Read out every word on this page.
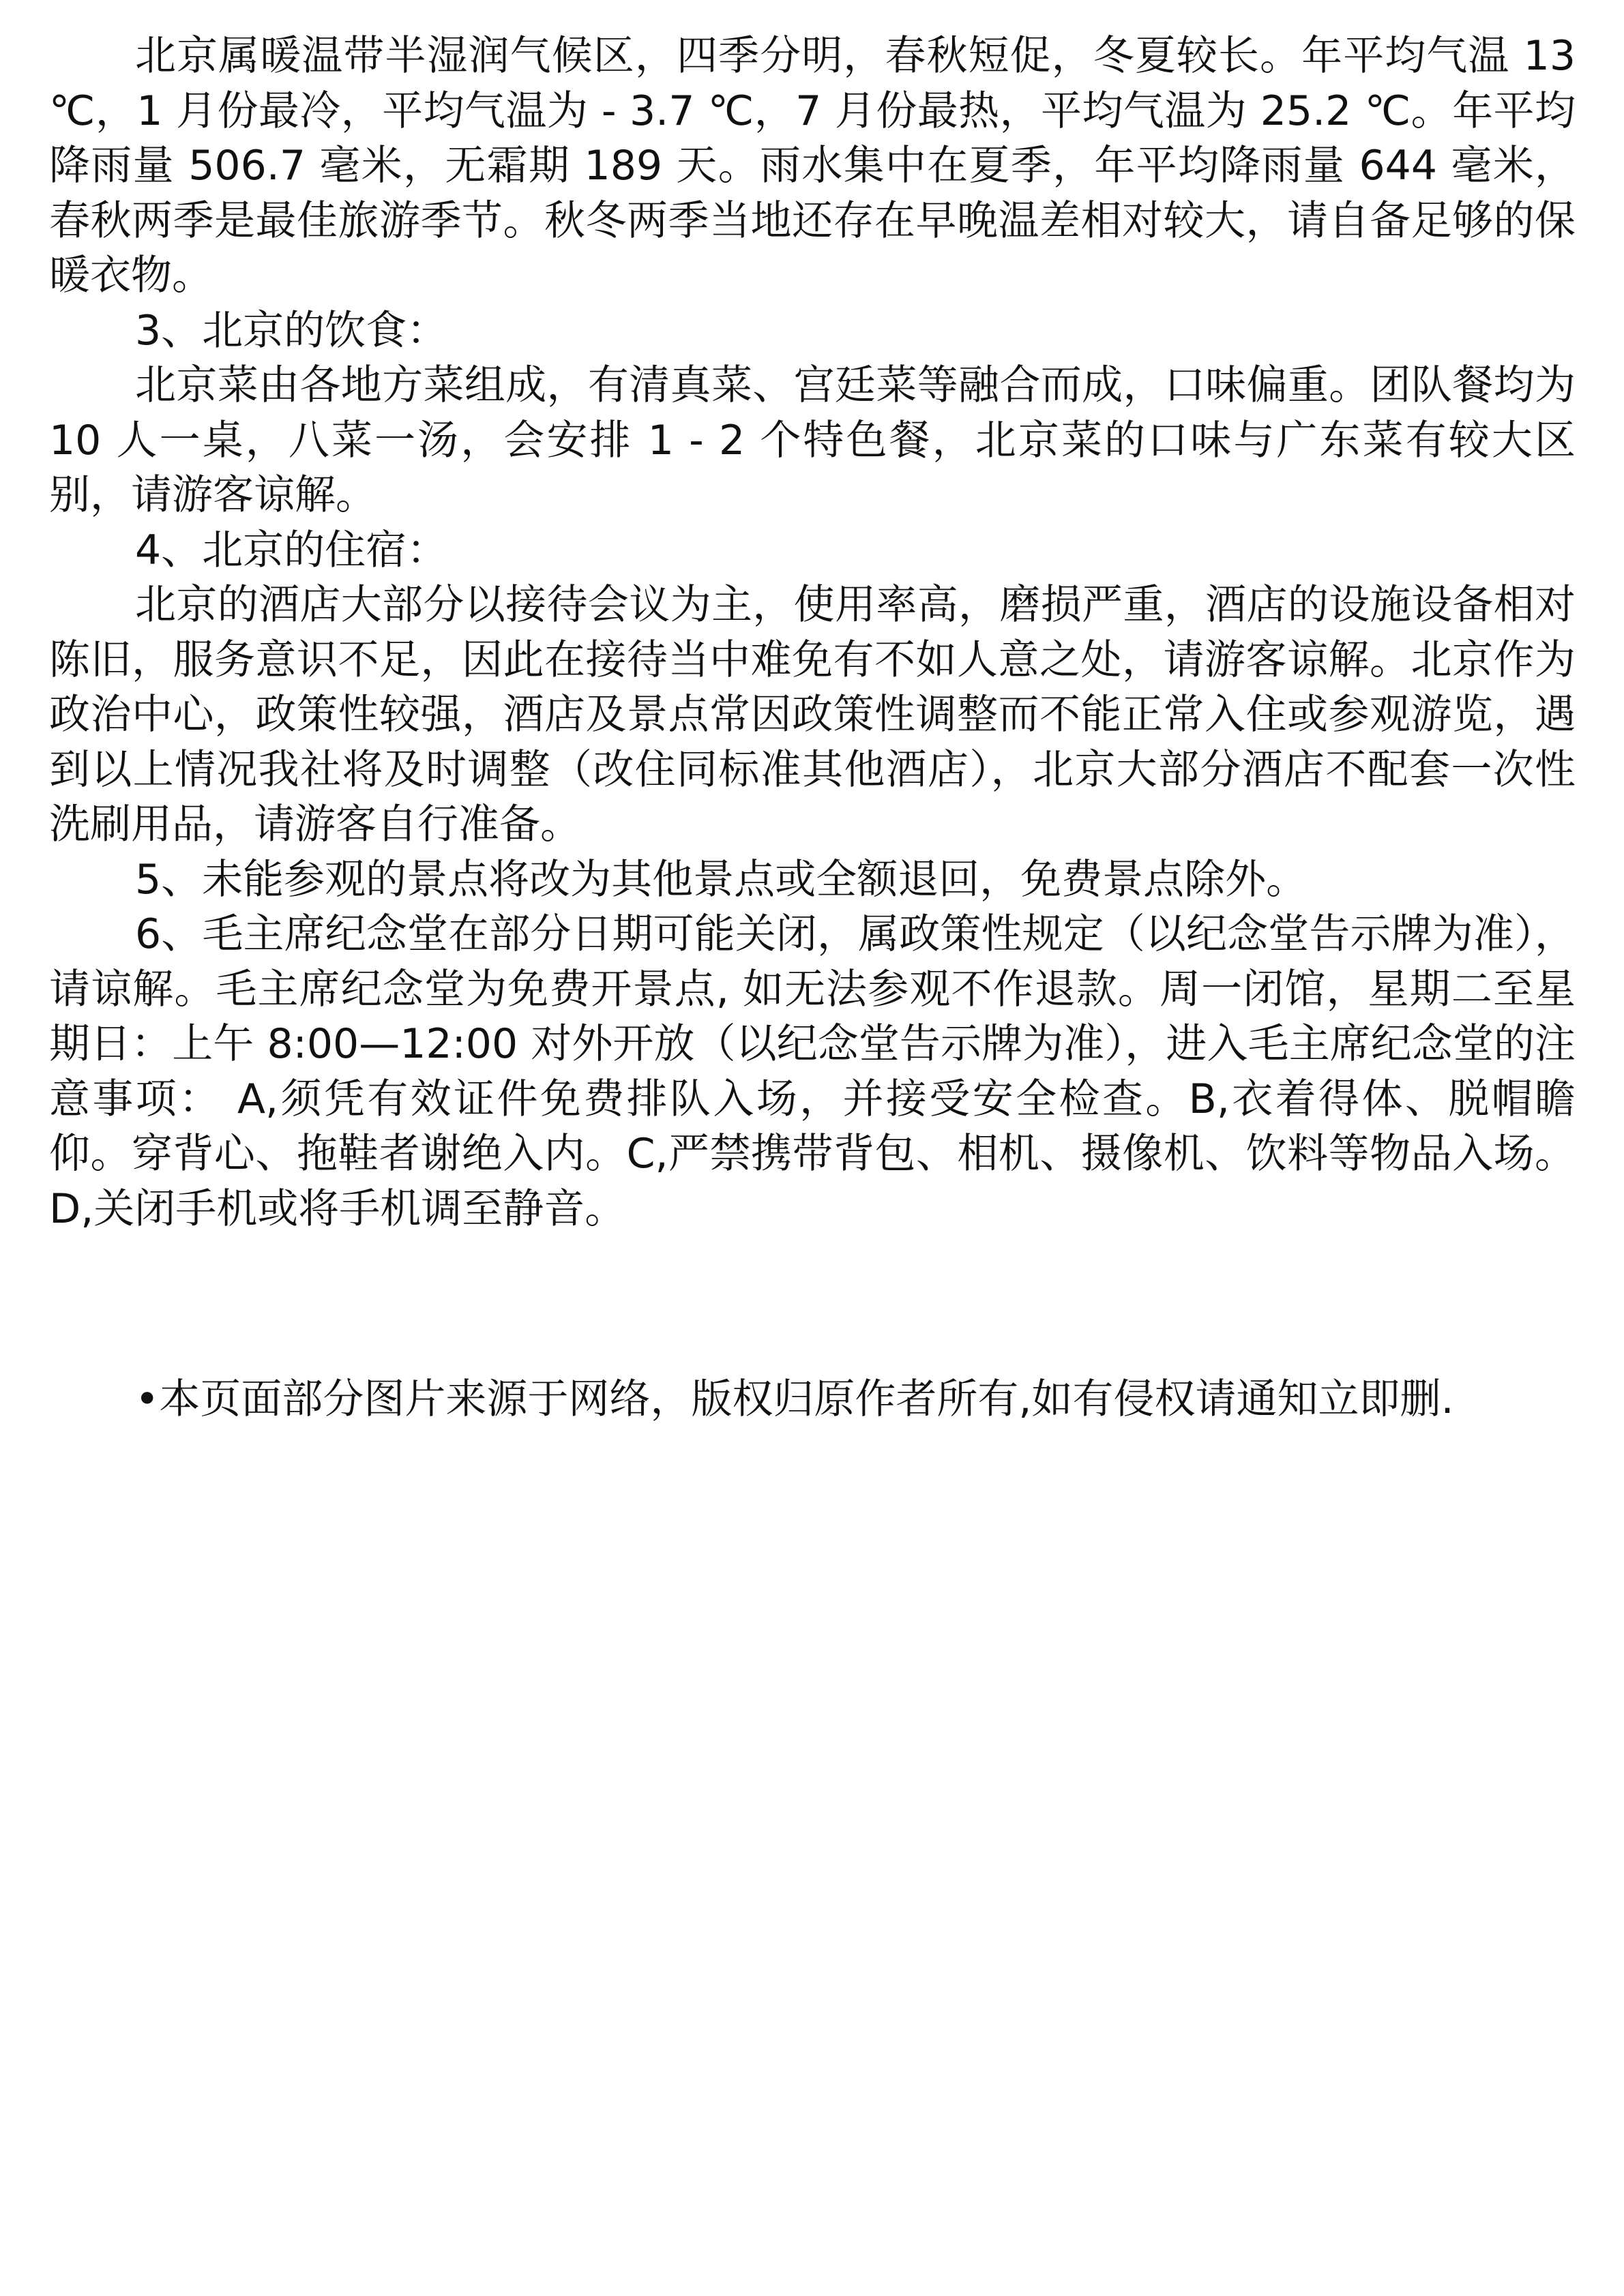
北京属暖温带半湿润气候区，四季分明，春秋短促，冬夏较长。年平均气温 13 ℃，1 月份最冷，平均气温为 - 3.7 ℃，7 月份最热，平均气温为 25.2 ℃。年平均降雨量 506.7 毫米，无霜期 189 天。雨水集中在夏季，年平均降雨量 644 毫米，春秋两季是最佳旅游季节。秋冬两季当地还存在早晚温差相对较大，请自备足够的保暖衣物。

3、北京的饮食：

北京菜由各地方菜组成，有清真菜、宫廷菜等融合而成，口味偏重。团队餐均为 10 人一桌，八菜一汤，会安排 1 - 2 个特色餐，北京菜的口味与广东菜有较大区别，请游客谅解。

4、北京的住宿：

北京的酒店大部分以接待会议为主，使用率高，磨损严重，酒店的设施设备相对陈旧，服务意识不足，因此在接待当中难免有不如人意之处，请游客谅解。北京作为政治中心，政策性较强，酒店及景点常因政策性调整而不能正常入住或参观游览，遇到以上情况我社将及时调整（改住同标准其他酒店），北京大部分酒店不配套一次性洗刷用品，请游客自行准备。

5、未能参观的景点将改为其他景点或全额退回，免费景点除外。

6、毛主席纪念堂在部分日期可能关闭，属政策性规定（以纪念堂告示牌为准），请谅解。毛主席纪念堂为免费开景点, 如无法参观不作退款。周一闭馆，星期二至星期日：上午 8:00—12:00 对外开放（以纪念堂告示牌为准），进入毛主席纪念堂的注意事项： A,须凭有效证件免费排队入场，并接受安全检查。B,衣着得体、脱帽瞻仰。穿背心、拖鞋者谢绝入内。C,严禁携带背包、相机、摄像机、饮料等物品入场。 D,关闭手机或将手机调至静音。

•本页面部分图片来源于网络，版权归原作者所有,如有侵权请通知立即删.
